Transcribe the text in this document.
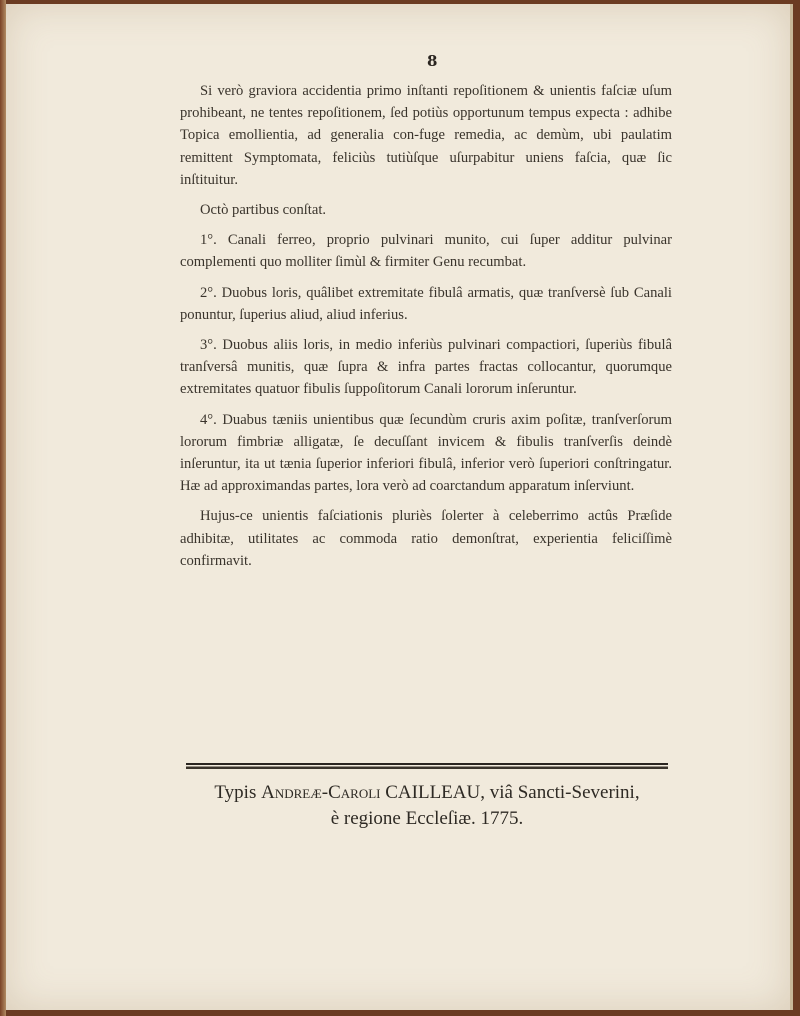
8

Si verò graviora accidentia primo inſtanti repoſitionem & unientis faſciæ uſum prohibeant, ne tentes repoſitionem, ſed potiùs opportunum tempus expecta : adhibe Topica emollientia, ad generalia con-fuge remedia, ac demùm, ubi paulatim remittent Symptomata, feliciùs tutiùſque uſurpabitur uniens faſcia, quæ ſic inſtituitur.

Octò partibus conſtat.

1°. Canali ferreo, proprio pulvinari munito, cui ſuper additur pulvinar complementi quo molliter ſimùl & firmiter Genu recumbat.

2°. Duobus loris, quâlibet extremitate fibulâ armatis, quæ tranſversè ſub Canali ponuntur, ſuperius aliud, aliud inferius.

3°. Duobus aliis loris, in medio inferiùs pulvinari compactiori, ſuperiùs fibulâ tranſversâ munitis, quæ ſupra & infra partes fractas collocantur, quorumque extremitates quatuor fibulis ſuppoſitorum Canali lororum inſeruntur.

4°. Duabus tæniis unientibus quæ ſecundùm cruris axim poſitæ, tranſverſorum lororum fimbriæ alligatæ, ſe decuſſant invicem & fibulis tranſverſis deindè inſeruntur, ita ut tænia ſuperior inferiori fibulâ, inferior verò ſuperiori conſtringatur. Hæ ad approximandas partes, lora verò ad coarctandum apparatum inſerviunt.

Hujus-ce unientis faſciationis pluriès ſolerter à celeberrimo actûs Præſide adhibitæ, utilitates ac commoda ratio demonſtrat, experientia feliciſſimè confirmavit.

Typis Andreæ-Caroli CAILLEAU, viâ Sancti-Severini,
è regione Eccleſiæ. 1775.
